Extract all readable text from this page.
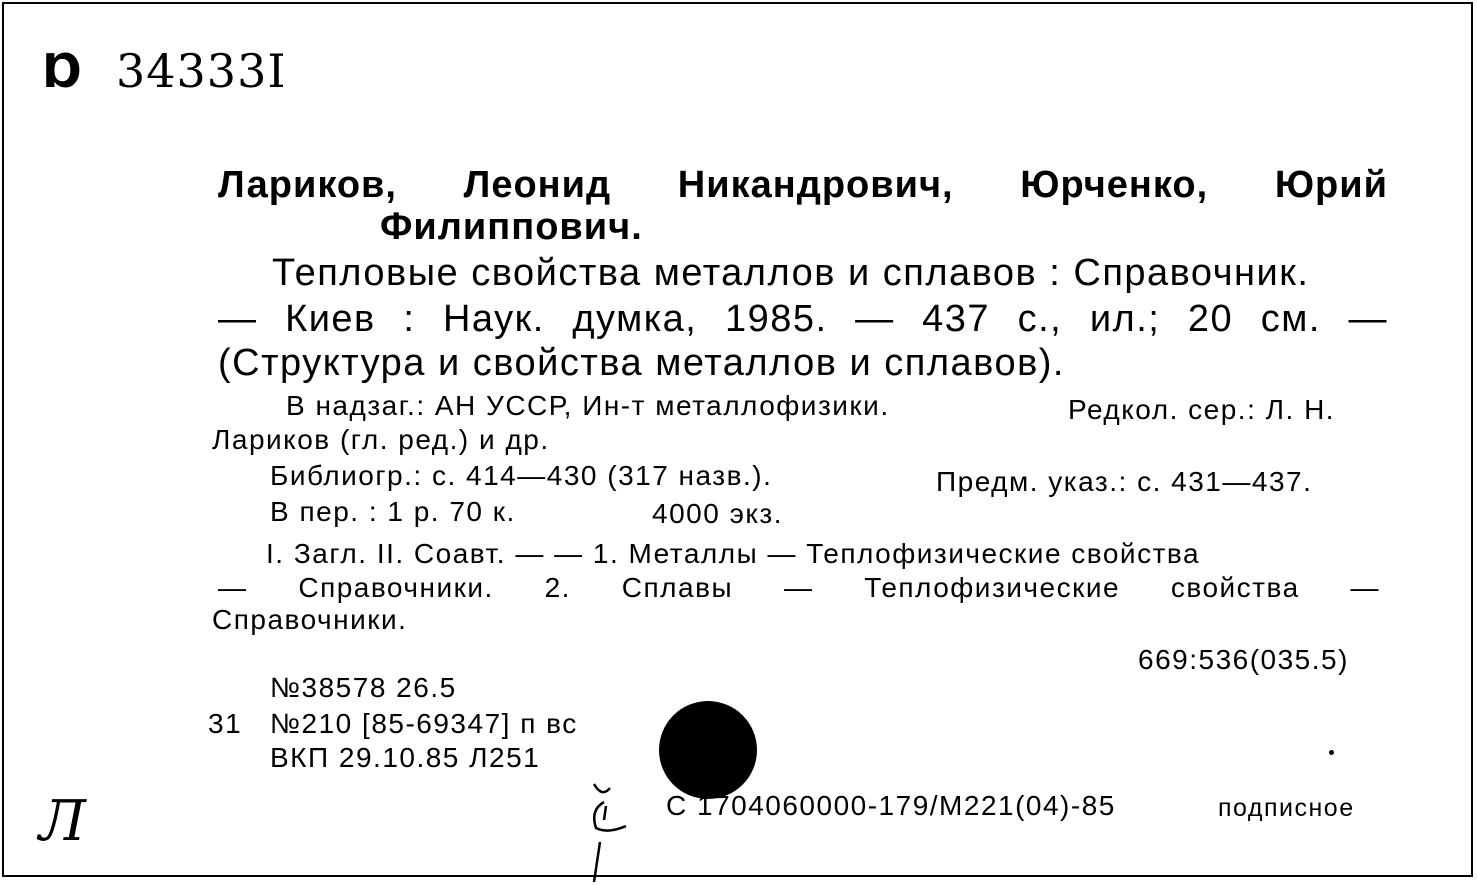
Ɒ 34333I
Лариков, Леонид Никандрович, Юрченко, Юрий
Филиппович.
Тепловые свойства металлов и сплавов : Справочник.
— Киев : Наук. думка, 1985. — 437 с., ил.; 20 см. —
(Структура и свойства металлов и сплавов).
В надзаг.: АН УССР, Ин-т металлофизики.	Редкол. сер.: Л. Н.
Лариков (гл. ред.) и др.
Библиогр.: с. 414—430 (317 назв.).	Предм. указ.: с. 431—437.
В пер. : 1 р. 70 к.	4000 экз.
I. Загл. II. Соавт. — — 1. Металлы — Теплофизические свойства
— Справочники. 2. Сплавы — Теплофизические свойства —
Справочники.
669:536(035.5)
№38578 26.5
31 №210 [85-69347] п вс
ВКП 29.10.85 Л251
С 1704060000-179/М221(04)-85	подписное
Л
